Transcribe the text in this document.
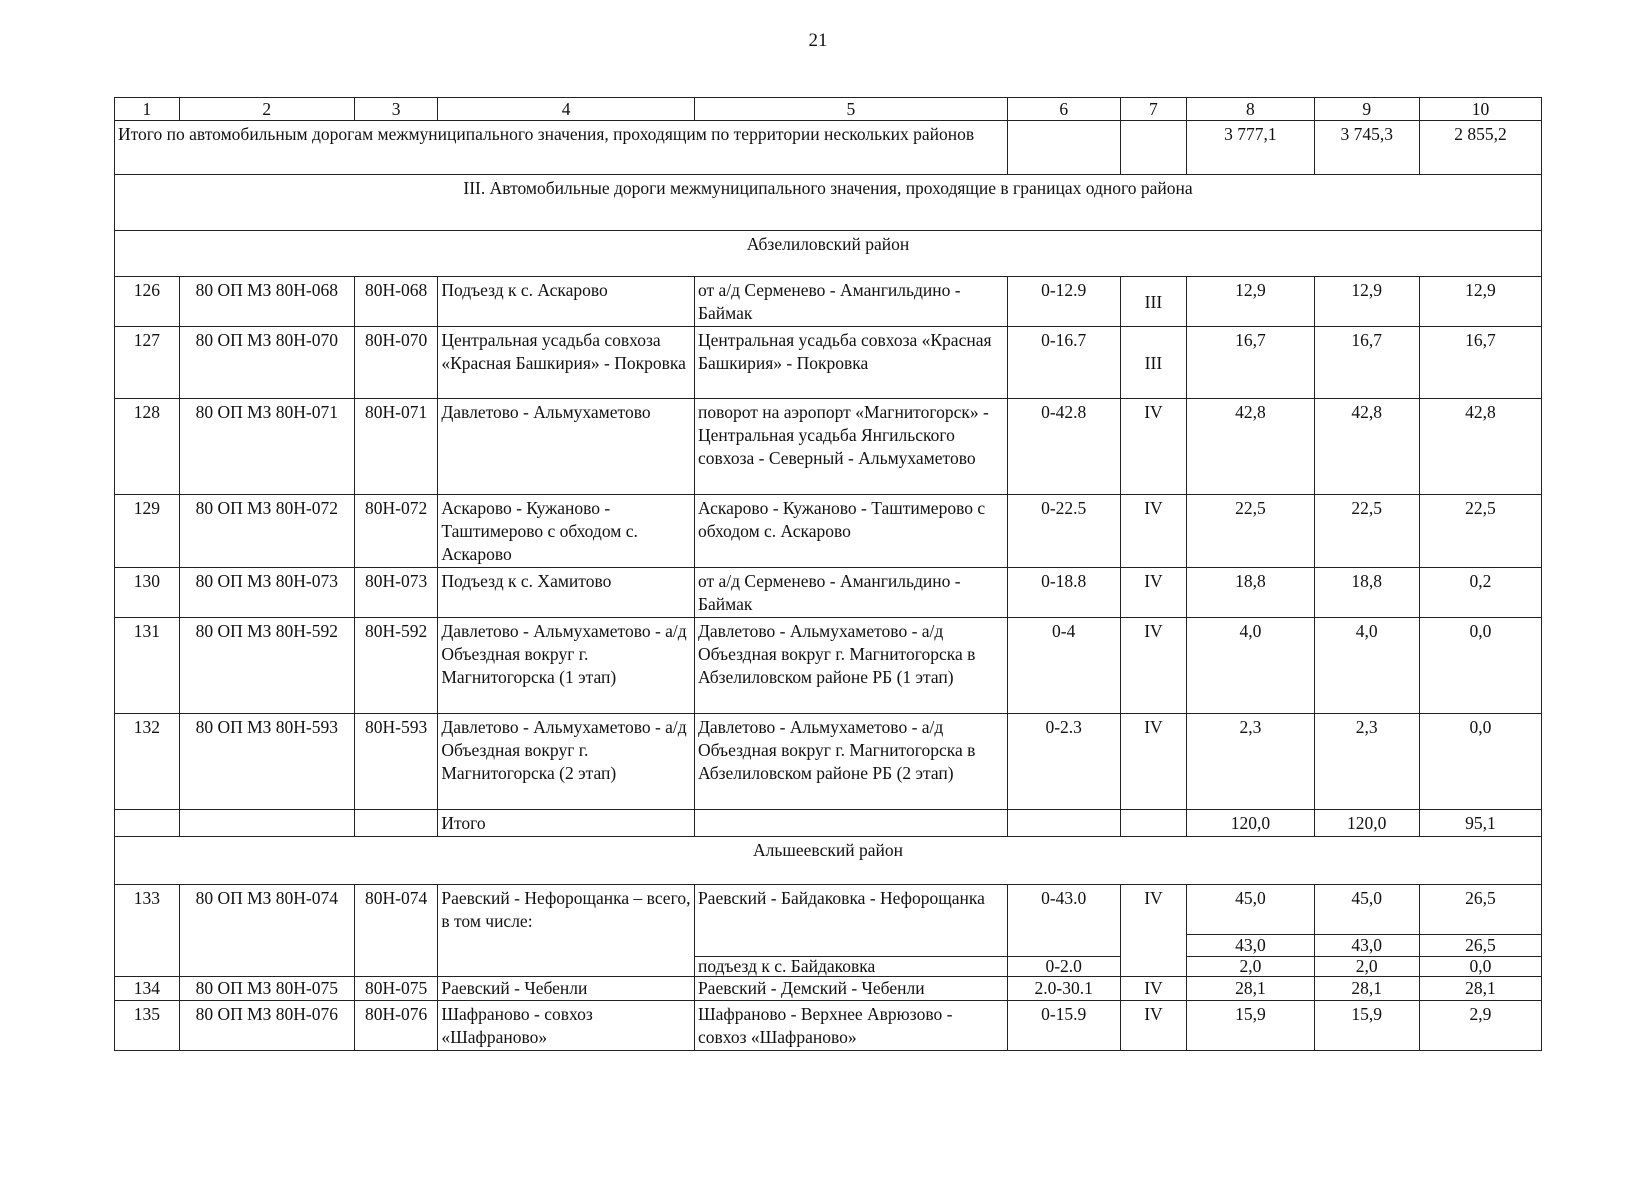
21
1	2	3	4	5	6	7	8	9	10
Итого по автомобильным дорогам межмуниципального значения, проходящим по территории нескольких районов							3 777,1	3 745,3	2 855,2
III. Автомобильные дороги межмуниципального значения, проходящие в границах одного района									
Абзелиловский район									
126	80 ОП МЗ 80Н-068	80Н-068	Подъезд к с. Аскарово	от а/д Серменево - Амангильдино - Баймак	0-12.9	III	12,9	12,9	12,9
127	80 ОП МЗ 80Н-070	80Н-070	Центральная усадьба совхоза «Красная Башкирия» - Покровка	Центральная усадьба совхоза «Красная Башкирия» - Покровка	0-16.7	III	16,7	16,7	16,7
128	80 ОП МЗ 80Н-071	80Н-071	Давлетово - Альмухаметово	поворот на аэропорт «Магнитогорск» - Центральная усадьба Янгильского совхоза - Северный - Альмухаметово	0-42.8	IV	42,8	42,8	42,8
129	80 ОП МЗ 80Н-072	80Н-072	Аскарово - Кужаново - Таштимерово с обходом с. Аскарово	Аскарово - Кужаново - Таштимерово с обходом с. Аскарово	0-22.5	IV	22,5	22,5	22,5
130	80 ОП МЗ 80Н-073	80Н-073	Подъезд к с. Хамитово	от а/д Серменево - Амангильдино - Баймак	0-18.8	IV	18,8	18,8	0,2
131	80 ОП МЗ 80Н-592	80Н-592	Давлетово - Альмухаметово - а/д Объездная вокруг г. Магнитогорска (1 этап)	Давлетово - Альмухаметово - а/д Объездная вокруг г. Магнитогорска в Абзелиловском районе РБ (1 этап)	0-4	IV	4,0	4,0	0,0
132	80 ОП МЗ 80Н-593	80Н-593	Давлетово - Альмухаметово - а/д Объездная вокруг г. Магнитогорска (2 этап)	Давлетово - Альмухаметово - а/д Объездная вокруг г. Магнитогорска в Абзелиловском районе РБ (2 этап)	0-2.3	IV	2,3	2,3	0,0
			Итого				120,0	120,0	95,1
Альшеевский район									
133	80 ОП МЗ 80Н-074	80Н-074	Раевский - Нефорощанка – всего, в том числе:	Раевский - Байдаковка - Нефорощанка	0-43.0	IV	45,0	45,0	26,5
							43,0	43,0	26,5
				подъезд к с. Байдаковка	0-2.0		2,0	2,0	0,0
134	80 ОП МЗ 80Н-075	80Н-075	Раевский - Чебенли	Раевский - Демский - Чебенли	2.0-30.1	IV	28,1	28,1	28,1
135	80 ОП МЗ 80Н-076	80Н-076	Шафраново - совхоз «Шафраново»	Шафраново - Верхнее Аврюзово - совхоз «Шафраново»	0-15.9	IV	15,9	15,9	2,9
